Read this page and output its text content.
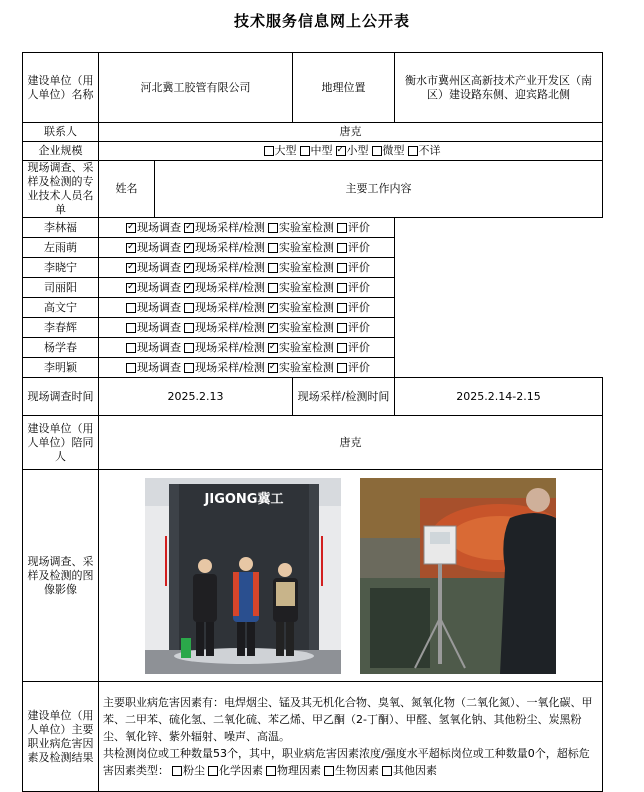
技术服务信息网上公开表
建设单位（用人单位）名称	河北冀工胶管有限公司		地理位置	衡水市冀州区高新技术产业开发区（南区）建设路东侧、迎宾路北侧
联系人	唐克			
企业规模	大型 中型 ✓ 小型 微型 不详
现场调查、采样及检测的专业技术人员名单	姓名	主要工作内容		
李林福	✓现场调查 ✓ 现场采样/检测 实验室检测 评价
左雨萌	✓现场调查 ✓ 现场采样/检测 实验室检测 评价
李晓宁	✓现场调查 ✓ 现场采样/检测 实验室检测 评价
司丽阳	✓现场调查 ✓ 现场采样/检测 实验室检测 评价
高文宁	现场调查 现场采样/检测 ✓ 实验室检测 评价
李春辉	现场调查 现场采样/检测 ✓ 实验室检测 评价
杨学春	现场调查 现场采样/检测 ✓ 实验室检测 评价
李明颖	现场调查 现场采样/检测 ✓ 实验室检测 评价
现场调查时间	2025.2.13		现场采样/检测时间	2025.2.14-2.15
建设单位（用人单位）陪同人	唐克			
现场调查、采样及检测的图像影像	JIGONG冀工			

建设单位（用人单位）主要职业病危害因素及检测结果	主要职业病危害因素有：电焊烟尘、锰及其无机化合物、臭氧、氮氧化物（二氧化氮）、一氧化碳、甲苯、二甲苯、硫化氢、二氧化硫、苯乙烯、甲乙酮（2-丁酮）、甲醛、氢氧化钠、其他粉尘、炭黑粉尘、氧化锌、紫外辐射、噪声、高温。
共检测岗位或工种数量53个，其中，职业病危害因素浓度/强度水平超标岗位或工种数量0个，超标危害因素类型： 粉尘 化学因素 物理因素 生物因素 其他因素			
